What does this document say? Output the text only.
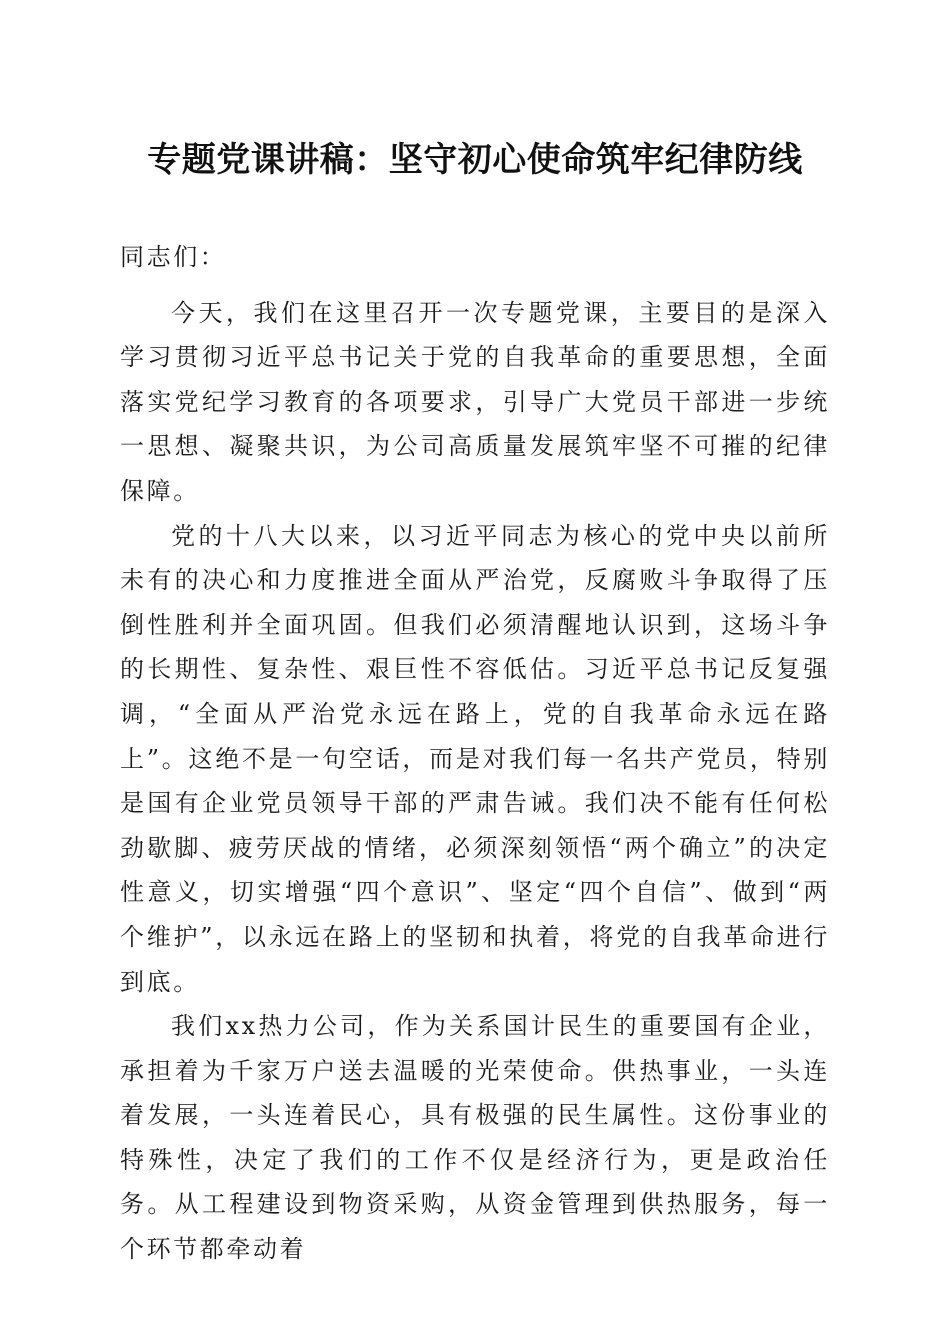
专题党课讲稿：坚守初心使命筑牢纪律防线

同志们：

今天，我们在这里召开一次专题党课，主要目的是深入学习贯彻习近平总书记关于党的自我革命的重要思想，全面落实党纪学习教育的各项要求，引导广大党员干部进一步统一思想、凝聚共识，为公司高质量发展筑牢坚不可摧的纪律保障。

党的十八大以来，以习近平同志为核心的党中央以前所未有的决心和力度推进全面从严治党，反腐败斗争取得了压倒性胜利并全面巩固。但我们必须清醒地认识到，这场斗争的长期性、复杂性、艰巨性不容低估。习近平总书记反复强调，“全面从严治党永远在路上，党的自我革命永远在路上”。这绝不是一句空话，而是对我们每一名共产党员，特别是国有企业党员领导干部的严肃告诫。我们决不能有任何松劲歇脚、疲劳厌战的情绪，必须深刻领悟“两个确立”的决定性意义，切实增强“四个意识”、坚定“四个自信”、做到“两个维护”，以永远在路上的坚韧和执着，将党的自我革命进行到底。

我们xx热力公司，作为关系国计民生的重要国有企业，承担着为千家万户送去温暖的光荣使命。供热事业，一头连着发展，一头连着民心，具有极强的民生属性。这份事业的特殊性，决定了我们的工作不仅是经济行为，更是政治任务。从工程建设到物资采购，从资金管理到供热服务，每一个环节都牵动着
